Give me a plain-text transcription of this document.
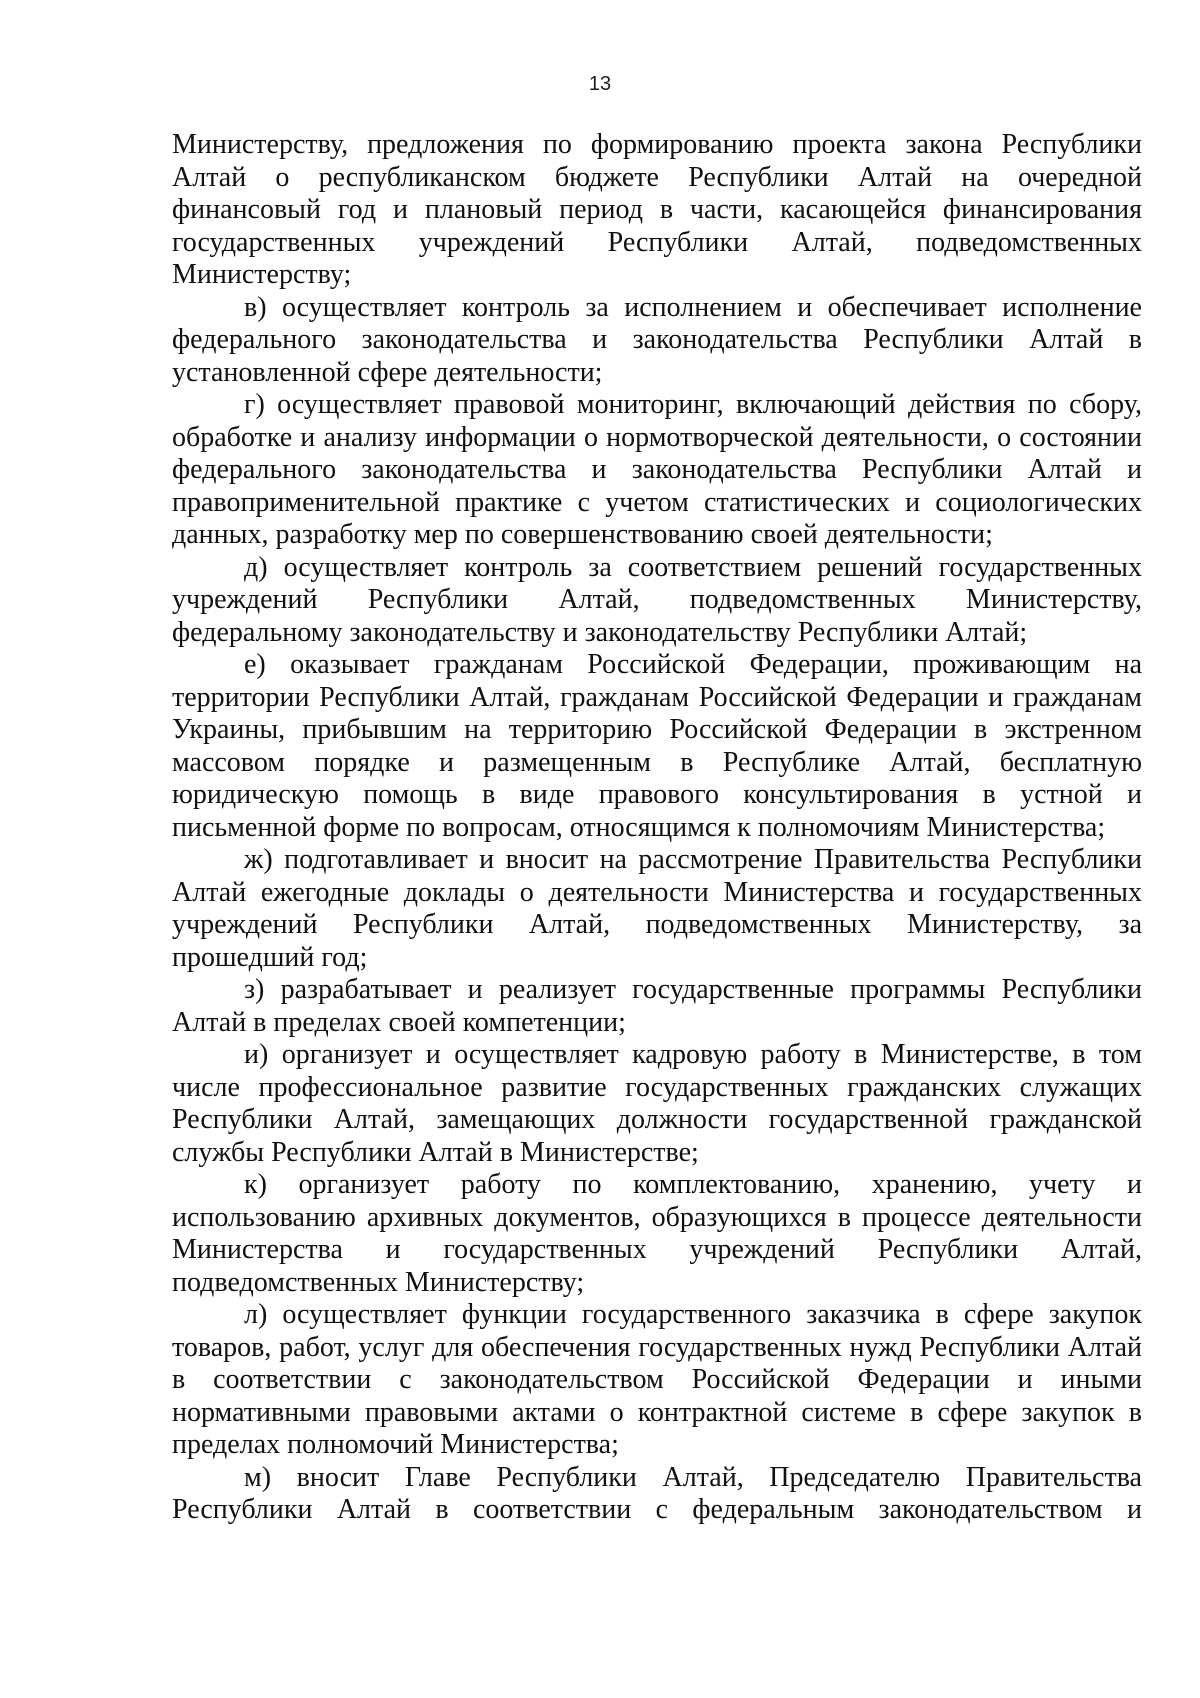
13

Министерству, предложения по формированию проекта закона Республики Алтай о республиканском бюджете Республики Алтай на очередной финансовый год и плановый период в части, касающейся финансирования государственных учреждений Республики Алтай, подведомственных Министерству;

в) осуществляет контроль за исполнением и обеспечивает исполнение федерального законодательства и законодательства Республики Алтай в установленной сфере деятельности;

г) осуществляет правовой мониторинг, включающий действия по сбору, обработке и анализу информации о нормотворческой деятельности, о состоянии федерального законодательства и законодательства Республики Алтай и правоприменительной практике с учетом статистических и социологических данных, разработку мер по совершенствованию своей деятельности;

д) осуществляет контроль за соответствием решений государственных учреждений Республики Алтай, подведомственных Министерству, федеральному законодательству и законодательству Республики Алтай;

е) оказывает гражданам Российской Федерации, проживающим на территории Республики Алтай, гражданам Российской Федерации и гражданам Украины, прибывшим на территорию Российской Федерации в экстренном массовом порядке и размещенным в Республике Алтай, бесплатную юридическую помощь в виде правового консультирования в устной и письменной форме по вопросам, относящимся к полномочиям Министерства;

ж) подготавливает и вносит на рассмотрение Правительства Республики Алтай ежегодные доклады о деятельности Министерства и государственных учреждений Республики Алтай, подведомственных Министерству, за прошедший год;

з) разрабатывает и реализует государственные программы Республики Алтай в пределах своей компетенции;

и) организует и осуществляет кадровую работу в Министерстве, в том числе профессиональное развитие государственных гражданских служащих Республики Алтай, замещающих должности государственной гражданской службы Республики Алтай в Министерстве;

к) организует работу по комплектованию, хранению, учету и использованию архивных документов, образующихся в процессе деятельности Министерства и государственных учреждений Республики Алтай, подведомственных Министерству;

л) осуществляет функции государственного заказчика в сфере закупок товаров, работ, услуг для обеспечения государственных нужд Республики Алтай в соответствии с законодательством Российской Федерации и иными нормативными правовыми актами о контрактной системе в сфере закупок в пределах полномочий Министерства;

м) вносит Главе Республики Алтай, Председателю Правительства Республики Алтай в соответствии с федеральным законодательством и
